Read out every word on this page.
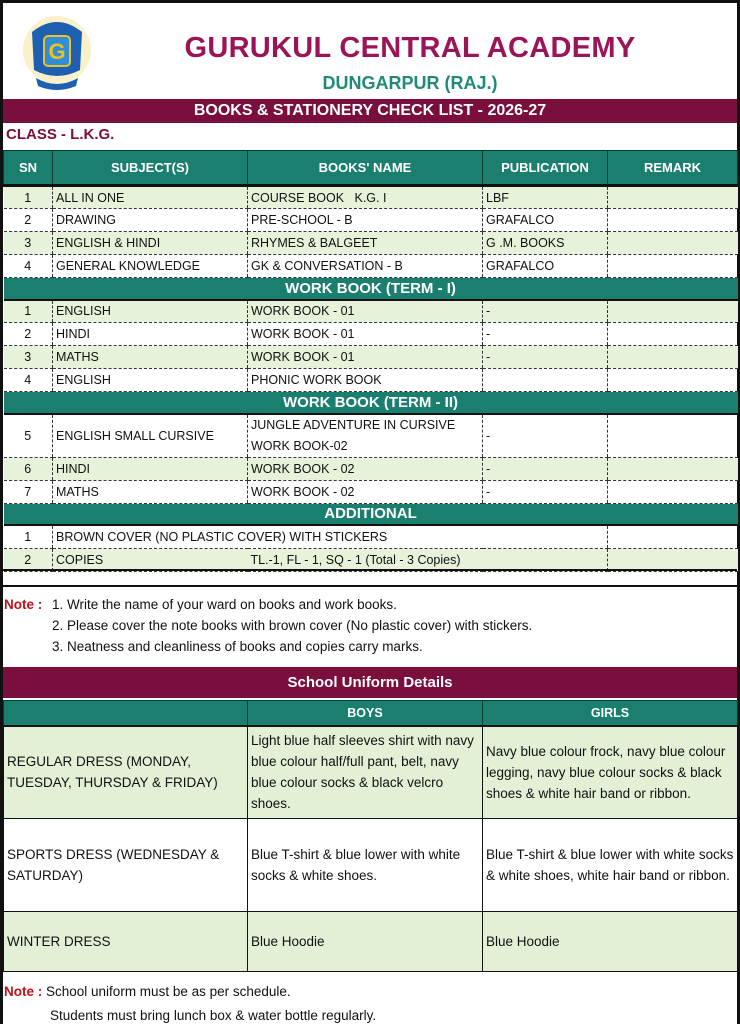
G	GURUKUL CENTRAL ACADEMY
DUNGARPUR (RAJ.)
BOOKS & STATIONERY CHECK LIST - 2026-27
CLASS - L.K.G.
SN	SUBJECT(S)	BOOKS' NAME	PUBLICATION	REMARK
1	ALL IN ONE	COURSE BOOK   K.G. I	LBF	
2	DRAWING	PRE-SCHOOL - B	GRAFALCO	
3	ENGLISH & HINDI	RHYMES & BALGEET	G .M. BOOKS	
4	GENERAL KNOWLEDGE	GK & CONVERSATION - B	GRAFALCO	
WORK BOOK (TERM - I)				
1	ENGLISH	WORK BOOK - 01	-	
2	HINDI	WORK BOOK - 01	-	
3	MATHS	WORK BOOK - 01	-	
4	ENGLISH	PHONIC WORK BOOK		
WORK BOOK (TERM - II)				
5	ENGLISH SMALL CURSIVE	JUNGLE ADVENTURE IN CURSIVE
WORK BOOK-02	-	
6	HINDI	WORK BOOK - 02	-	
7	MATHS	WORK BOOK - 02	-	
ADDITIONAL				
1	BROWN COVER (NO PLASTIC COVER) WITH STICKERS			
2	COPIES	TL.-1, FL - 1, SQ - 1 (Total - 3 Copies)		
Note : 1. Write the name of your ward on books and work books.
2. Please cover the note books with brown cover (No plastic cover) with stickers.
3. Neatness and cleanliness of books and copies carry marks.
School Uniform Details
	BOYS	GIRLS
REGULAR DRESS (MONDAY, TUESDAY, THURSDAY & FRIDAY)	Light blue half sleeves shirt with navy blue colour half/full pant, belt, navy blue colour socks & black velcro shoes.	Navy blue colour frock, navy blue colour legging, navy blue colour socks & black shoes & white hair band or ribbon.
SPORTS DRESS (WEDNESDAY & SATURDAY)	Blue T-shirt & blue lower with white socks & white shoes.	Blue T-shirt & blue lower with white socks & white shoes, white hair band or ribbon.
WINTER DRESS	Blue Hoodie	Blue Hoodie
Note : School uniform must be as per schedule.
Students must bring lunch box & water bottle regularly.
